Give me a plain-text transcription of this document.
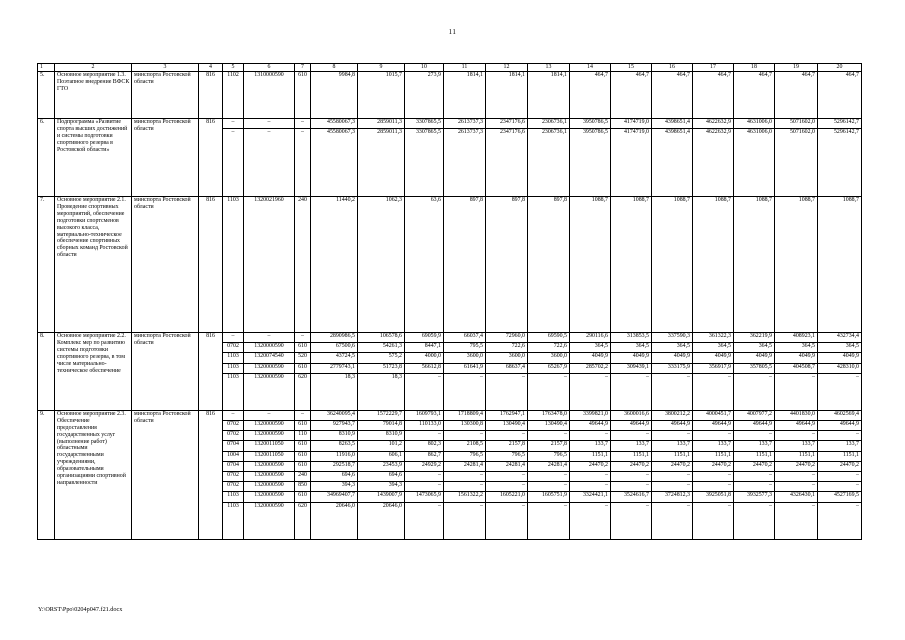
11
1	2	3	4	5	6	7	8	9	10	11	12	13	14	15	16	17	18	19	20
5.	Основное мероприятие 1.3. Поэтапное внедрение ВФСК ГТО	минспорта Ростовской области	816	1102	1310000590	610	9984,8	1015,7	273,9	1814,1	1814,1	1814,1	464,7	464,7	464,7	464,7	464,7	464,7	464,7
6.	Подпрограмма «Развитие спорта высших достижений и системы подготовки спортивного резерва в Ростовской области»	минспорта Ростовской области	816	–	–	–	45580067,3	2859011,3	3307865,5	2613737,3	2347176,6	2306736,1	3950786,5	4174719,0	4398651,4	4622632,9	4631006,0	5071602,0	5296142,7
				–	–	–	45580067,3	2859011,3	3307865,5	2613737,3	2347176,6	2306736,1	3950786,5	4174719,0	4398651,4	4622632,9	4631006,0	5071602,0	5296142,7
7.	Основное мероприятие 2.1. Проведение спортивных мероприятий, обеспечение подготовки спортсменов высокого класса, материально-техническое обеспечение спортивных сборных команд Ростовской области	минспорта Ростовской области	816	1103	1320021960	240	11440,2	1062,3	63,6	897,8	897,8	897,8	1088,7	1088,7	1088,7	1088,7	1088,7	1088,7	1088,7
8.	Основное мероприятие 2.2. Комплекс мер по развитию системы подготовки спортивного резерва, в том числе материально-техническое обеспечение	минспорта Ростовской области	816	–	–	–	2890986,5	106578,6	69059,9	66037,4	72960,0	69590,5	290116,6	313853,5	337590,3	361322,3	362219,9	408923,1	432734,4
				0702	1320000590	610	67500,6	54261,3	8447,1	795,5	722,6	722,6	364,5	364,5	364,5	364,5	364,5	364,5	364,5
				1103	1320074540	520	43724,5	575,2	4000,0	3600,0	3600,0	3600,0	4049,9	4049,9	4049,9	4049,9	4049,9	4049,9	4049,9
				1103	1320000590	610	2779743,1	51723,8	56612,8	61641,9	68637,4	65267,9	285702,2	309439,1	333175,9	356917,9	357805,5	404508,7	428310,0
				1103	1320000590	620	18,3	18,3	–	–	–	–	–	–	–	–	–	–	–
9.	Основное мероприятие 2.3. Обеспечение предоставления государственных услуг (выполнение работ) областными государственными учреждениями, образовательными организациями спортивной направленности	минспорта Ростовской области	816	–	–	–	36240095,4	1572229,7	1609793,1	1718809,4	1762947,1	1763478,0	3399821,0	3600016,6	3800212,2	4000451,7	4007977,2	4401830,0	4602569,4
				0702	1320000590	610	927943,7	79014,8	110133,0	130300,8	130490,4	130490,4	49644,9	49644,9	49644,9	49644,9	49644,9	49644,9	49644,9
				0702	1320000590	110	8310,9	8310,9	–	–	–	–	–	–	–	–	–	–	–
				0704	1320011050	610	8263,5	101,2	802,3	2108,5	2157,8	2157,8	133,7	133,7	133,7	133,7	133,7	133,7	133,7
				1004	1320011050	610	11916,0	606,1	862,7	796,5	796,5	796,5	1151,1	1151,1	1151,1	1151,1	1151,1	1151,1	1151,1
				0704	1320000590	610	292518,7	23453,9	24929,2	24281,4	24281,4	24281,4	24470,2	24470,2	24470,2	24470,2	24470,2	24470,2	24470,2
				0702	1320000590	240	694,6	694,6	–	–	–	–	–	–	–	–	–	–	–
				0702	1320000590	850	394,3	394,3	–	–	–	–	–	–	–	–	–	–	–
				1103	1320000590	610	34969407,7	1439007,9	1473065,9	1561322,2	1605221,0	1605751,9	3324421,1	3524616,7	3724812,3	3925051,8	3932577,3	4326430,1	4527169,5
				1103	1320000590	620	20646,0	20646,0	–	–	–	–	–	–	–	–	–	–	–
Y:\ORST\Ppo\0204p047.f21.docx
